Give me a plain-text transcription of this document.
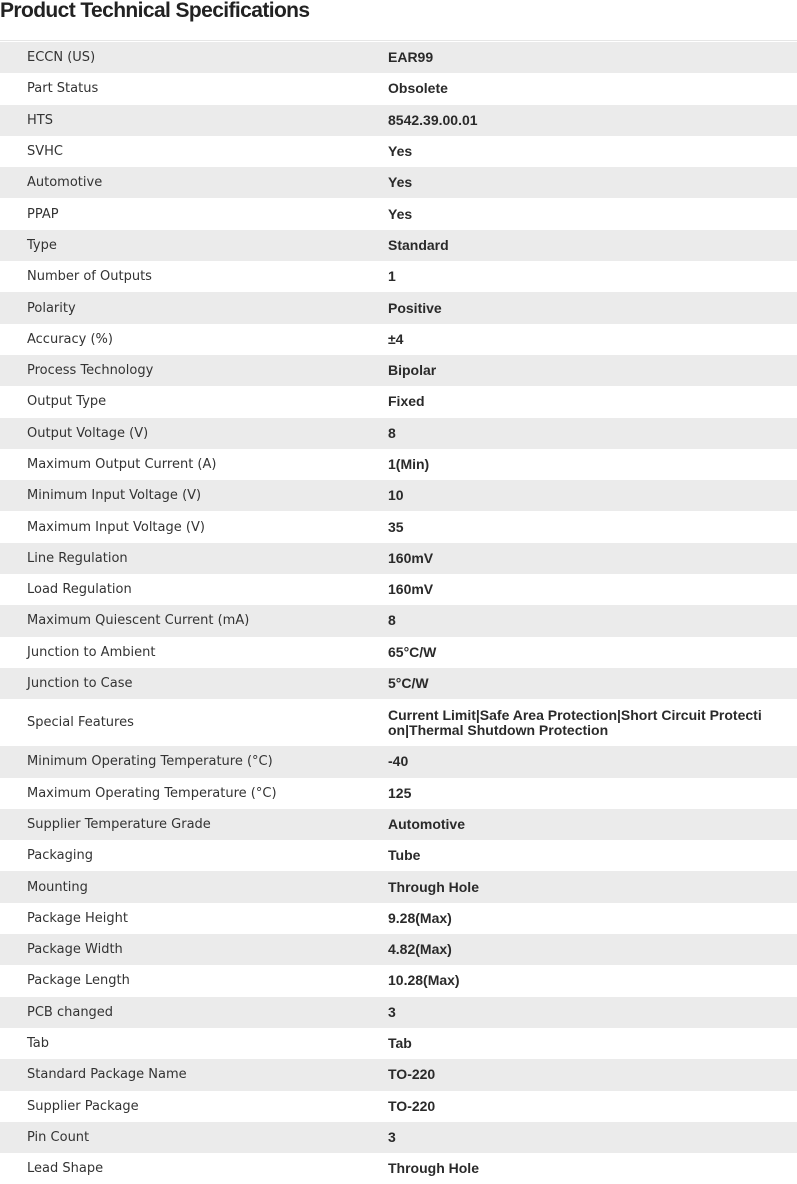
Product Technical Specifications
ECCN (US)	EAR99
Part Status	Obsolete
HTS	8542.39.00.01
SVHC	Yes
Automotive	Yes
PPAP	Yes
Type	Standard
Number of Outputs	1
Polarity	Positive
Accuracy (%)	±4
Process Technology	Bipolar
Output Type	Fixed
Output Voltage (V)	8
Maximum Output Current (A)	1(Min)
Minimum Input Voltage (V)	10
Maximum Input Voltage (V)	35
Line Regulation	160mV
Load Regulation	160mV
Maximum Quiescent Current (mA)	8
Junction to Ambient	65°C/W
Junction to Case	5°C/W
Special Features	Current Limit|Safe Area Protection|Short Circuit Protection|Thermal Shutdown Protection
Minimum Operating Temperature (°C)	-40
Maximum Operating Temperature (°C)	125
Supplier Temperature Grade	Automotive
Packaging	Tube
Mounting	Through Hole
Package Height	9.28(Max)
Package Width	4.82(Max)
Package Length	10.28(Max)
PCB changed	3
Tab	Tab
Standard Package Name	TO-220
Supplier Package	TO-220
Pin Count	3
Lead Shape	Through Hole
